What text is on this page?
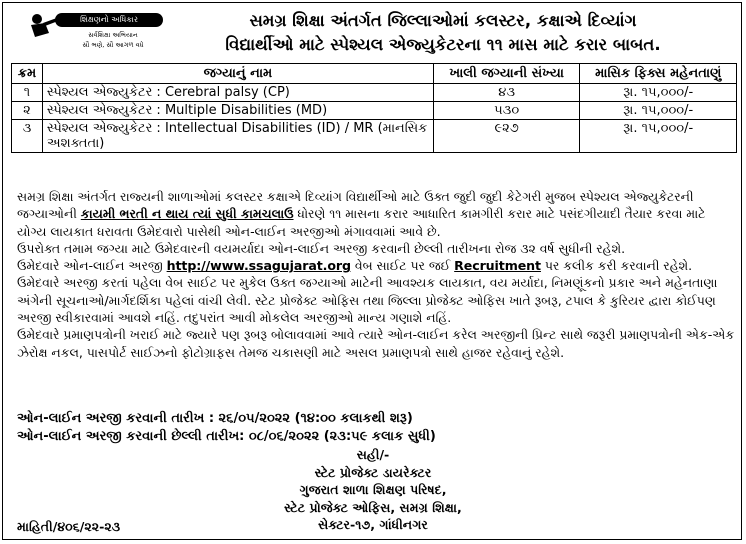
શિક્ષણનો અધિકાર
સર્વશિક્ષા અભિયાન
સૌ ભણે, સૌ આગળ વધે
સમગ્ર શિક્ષા અંતર્ગત જિલ્લાઓમાં કલસ્ટર, કક્ષાએ દિવ્યાંગ
વિદ્યાર્થીઓ માટે સ્પેશ્યલ એજ્યુકેટરના ૧૧ માસ માટે કરાર બાબત.
ક્રમ	જગ્યાનું નામ	ખાલી જગ્યાની સંખ્યા	માસિક ફિક્સ મહેનતાણું
૧	સ્પેશ્યલ એજ્યુકેટર : Cerebral palsy (CP)	૪૩	રૂા. ૧૫,૦૦૦/-
૨	સ્પેશ્યલ એજ્યુકેટર : Multiple Disabilities (MD)	૫૩૦	રૂા. ૧૫,૦૦૦/-
૩	સ્પેશ્યલ એજ્યુકેટર : Intellectual Disabilities (ID) / MR (માનસિક અશક્તતા)	૯૨૭	રૂા. ૧૫,૦૦૦/-

સમગ્ર શિક્ષા અંતર્ગત રાજ્યની શાળાઓમાં કલસ્ટર કક્ષાએ દિવ્યાંગ વિદ્યાર્થીઓ માટે ઉક્ત જુદી જુદી કેટેગરી મુજબ સ્પેશ્યલ એજ્યુકેટરની જગ્યાઓની કાયમી ભરતી ન થાય ત્યાં સુધી કામચલાઉ ધોરણે ૧૧ માસના કરાર આધારિત કામગીરી કરાર માટે પસંદગીયાદી તૈયાર કરવા માટે યોગ્ય લાયકાત ધરાવતા ઉમેદવારો પાસેથી ઓન-લાઈન અરજીઓ મંગાવવામાં આવે છે.

ઉપરોક્ત તમામ જગ્યા માટે ઉમેદવારની વયમર્યાદા ઓન-લાઈન અરજી કરવાની છેલ્લી તારીખના રોજ ૩૨ વર્ષ સુધીની રહેશે.

ઉમેદવારે ઓન-લાઈન અરજી http://www.ssagujarat.org વેબ સાઈટ પર જઈ Recruitment પર કલીક કરી કરવાની રહેશે.

ઉમેદવારે અરજી કરતાં પહેલા વેબ સાઈટ પર મુકેલ ઉક્ત જગ્યાઓ માટેની આવશ્યક લાયકાત, વય મર્યાદા, નિમણૂંકનો પ્રકાર અને મહેનતાણા અંગેની સૂચનાઓ/માર્ગદર્શિકા પહેલાં વાંચી લેવી. સ્ટેટ પ્રોજેક્ટ ઓફિસ તથા જિલ્લા પ્રોજેક્ટ ઓફિસ ખાતે રૂબરૂ, ટપાલ કે કુરિયર દ્વારા કોઈપણ અરજી સ્વીકારવામાં આવશે નહિં. તદુપરાંત આવી મોકલેલ અરજીઓ માન્ય ગણાશે નહિં.

ઉમેદવારે પ્રમાણપત્રોની ખરાઈ માટે જ્યારે પણ રૂબરૂ બોલાવવામાં આવે ત્યારે ઓન-લાઈન કરેલ અરજીની પ્રિન્ટ સાથે જરૂરી પ્રમાણપત્રોની એક-એક ઝેરોક્ષ નકલ, પાસપોર્ટ સાઈઝનો ફોટોગ્રાફસ તેમજ ચકાસણી માટે અસલ પ્રમાણપત્રો સાથે હાજર રહેવાનું રહેશે.

ઓન-લાઈન અરજી કરવાની તારીખ : ૨૬/૦૫/૨૦૨૨ (૧૪:૦૦ કલાકથી શરૂ)
ઓન-લાઈન અરજી કરવાની છેલ્લી તારીખ: ૦૮/૦૬/૨૦૨૨ (૨૩:૫૯ કલાક સુધી)
સહી/-
સ્ટેટ પ્રોજેક્ટ ડાયરેક્ટર
ગુજરાત શાળા શિક્ષણ પરિષદ,
સ્ટેટ પ્રોજેક્ટ ઓફિસ, સમગ્ર શિક્ષા,
સેક્ટર-૧૭, ગાંધીનગર
માહિતી/૪૦૬/૨૨-૨૩
